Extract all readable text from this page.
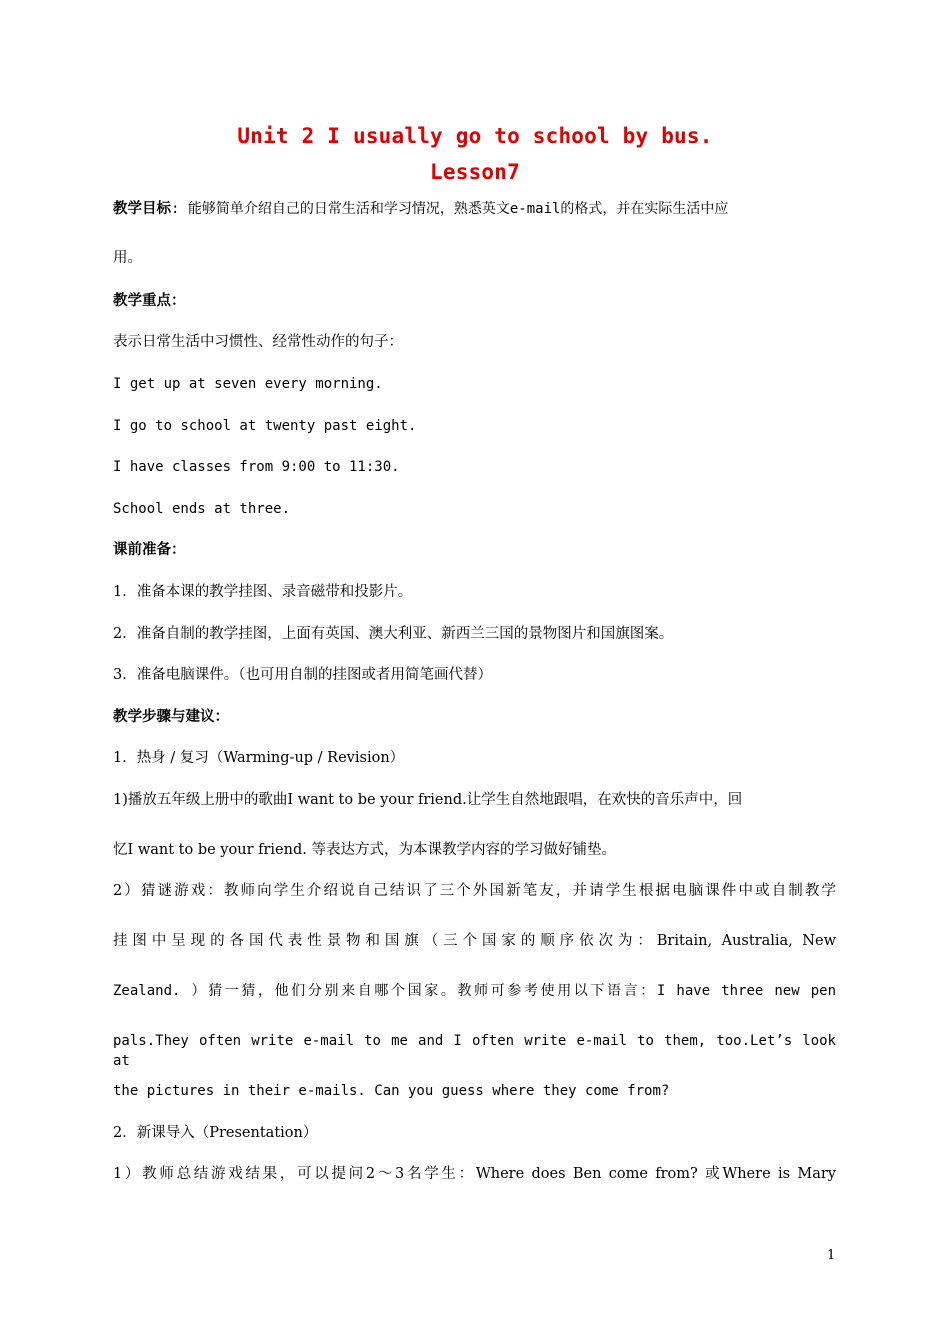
Unit 2 I usually go to school by bus.
Lesson7
教学目标: 能够简单介绍自己的日常生活和学习情况，熟悉英文e-mail的格式，并在实际生活中应
用。
教学重点：
表示日常生活中习惯性、经常性动作的句子：
I get up at seven every morning.
I go to school at twenty past eight.
I have classes from 9:00 to 11:30.
School ends at three.
课前准备：
1．准备本课的教学挂图、录音磁带和投影片。
2．准备自制的教学挂图，上面有英国、澳大利亚、新西兰三国的景物图片和国旗图案。
3．准备电脑课件。（也可用自制的挂图或者用简笔画代替）
教学步骤与建议：
1．热身 / 复习（Warming-up / Revision）
1)播放五年级上册中的歌曲I want to be your friend.让学生自然地跟唱，在欢快的音乐声中，回
忆I want to be your friend. 等表达方式，为本课教学内容的学习做好铺垫。
2）猜谜游戏：教师向学生介绍说自己结识了三个外国新笔友，并请学生根据电脑课件中或自制教学
挂图中呈现的各国代表性景物和国旗（三个国家的顺序依次为：Britain, Australia, New
Zealand. ）猜一猜，他们分别来自哪个国家。教师可参考使用以下语言：I have three new pen
pals.They often write e-mail to me and I often write e-mail to them, too.Let’s look at
the pictures in their e-mails. Can you guess where they come from?
2．新课导入（Presentation）
1）教师总结游戏结果，可以提问2～3名学生：Where does Ben come from? 或Where is Mary
1
